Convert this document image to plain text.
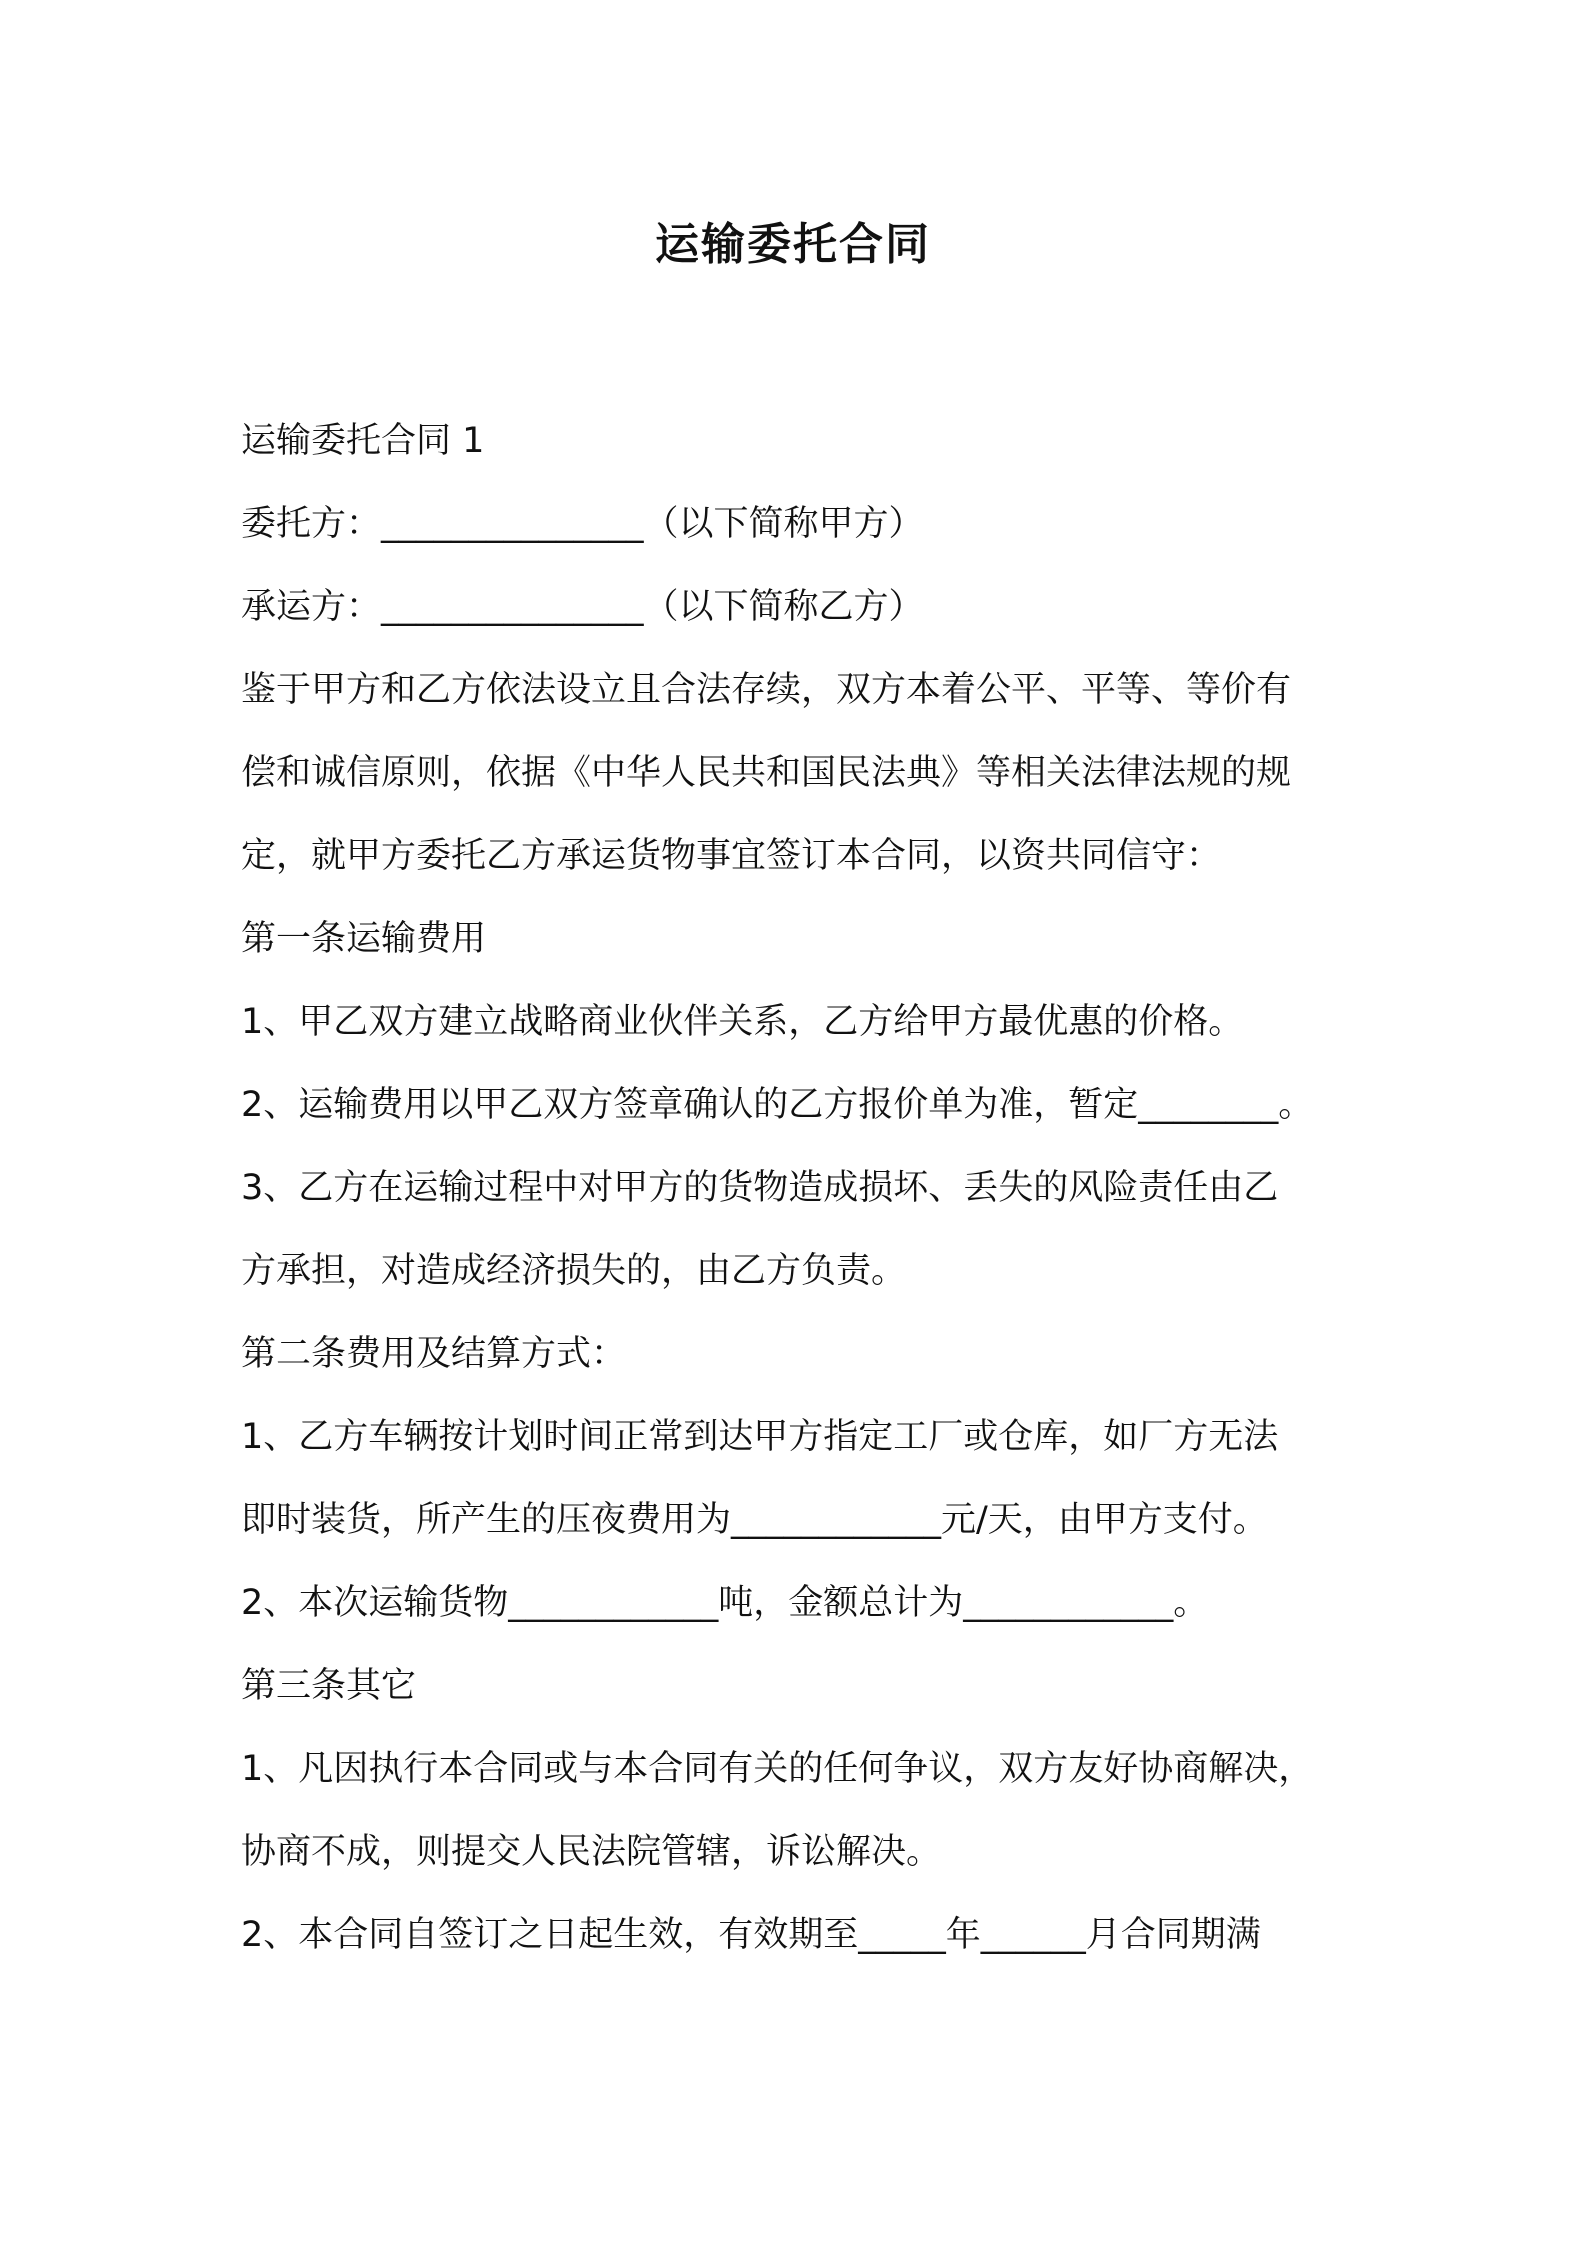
运输委托合同

运输委托合同 1

委托方：_______________（以下简称甲方）

承运方：_______________（以下简称乙方）

鉴于甲方和乙方依法设立且合法存续，双方本着公平、平等、等价有

偿和诚信原则，依据《中华人民共和国民法典》等相关法律法规的规

定，就甲方委托乙方承运货物事宜签订本合同，以资共同信守：

第一条运输费用

1、甲乙双方建立战略商业伙伴关系，乙方给甲方最优惠的价格。

2、运输费用以甲乙双方签章确认的乙方报价单为准，暂定________。

3、乙方在运输过程中对甲方的货物造成损坏、丢失的风险责任由乙

方承担，对造成经济损失的，由乙方负责。

第二条费用及结算方式：

1、乙方车辆按计划时间正常到达甲方指定工厂或仓库，如厂方无法

即时装货，所产生的压夜费用为____________元/天，由甲方支付。

2、本次运输货物____________吨，金额总计为____________。

第三条其它

1、凡因执行本合同或与本合同有关的任何争议，双方友好协商解决，

协商不成，则提交人民法院管辖，诉讼解决。

2、本合同自签订之日起生效，有效期至_____年______月合同期满
